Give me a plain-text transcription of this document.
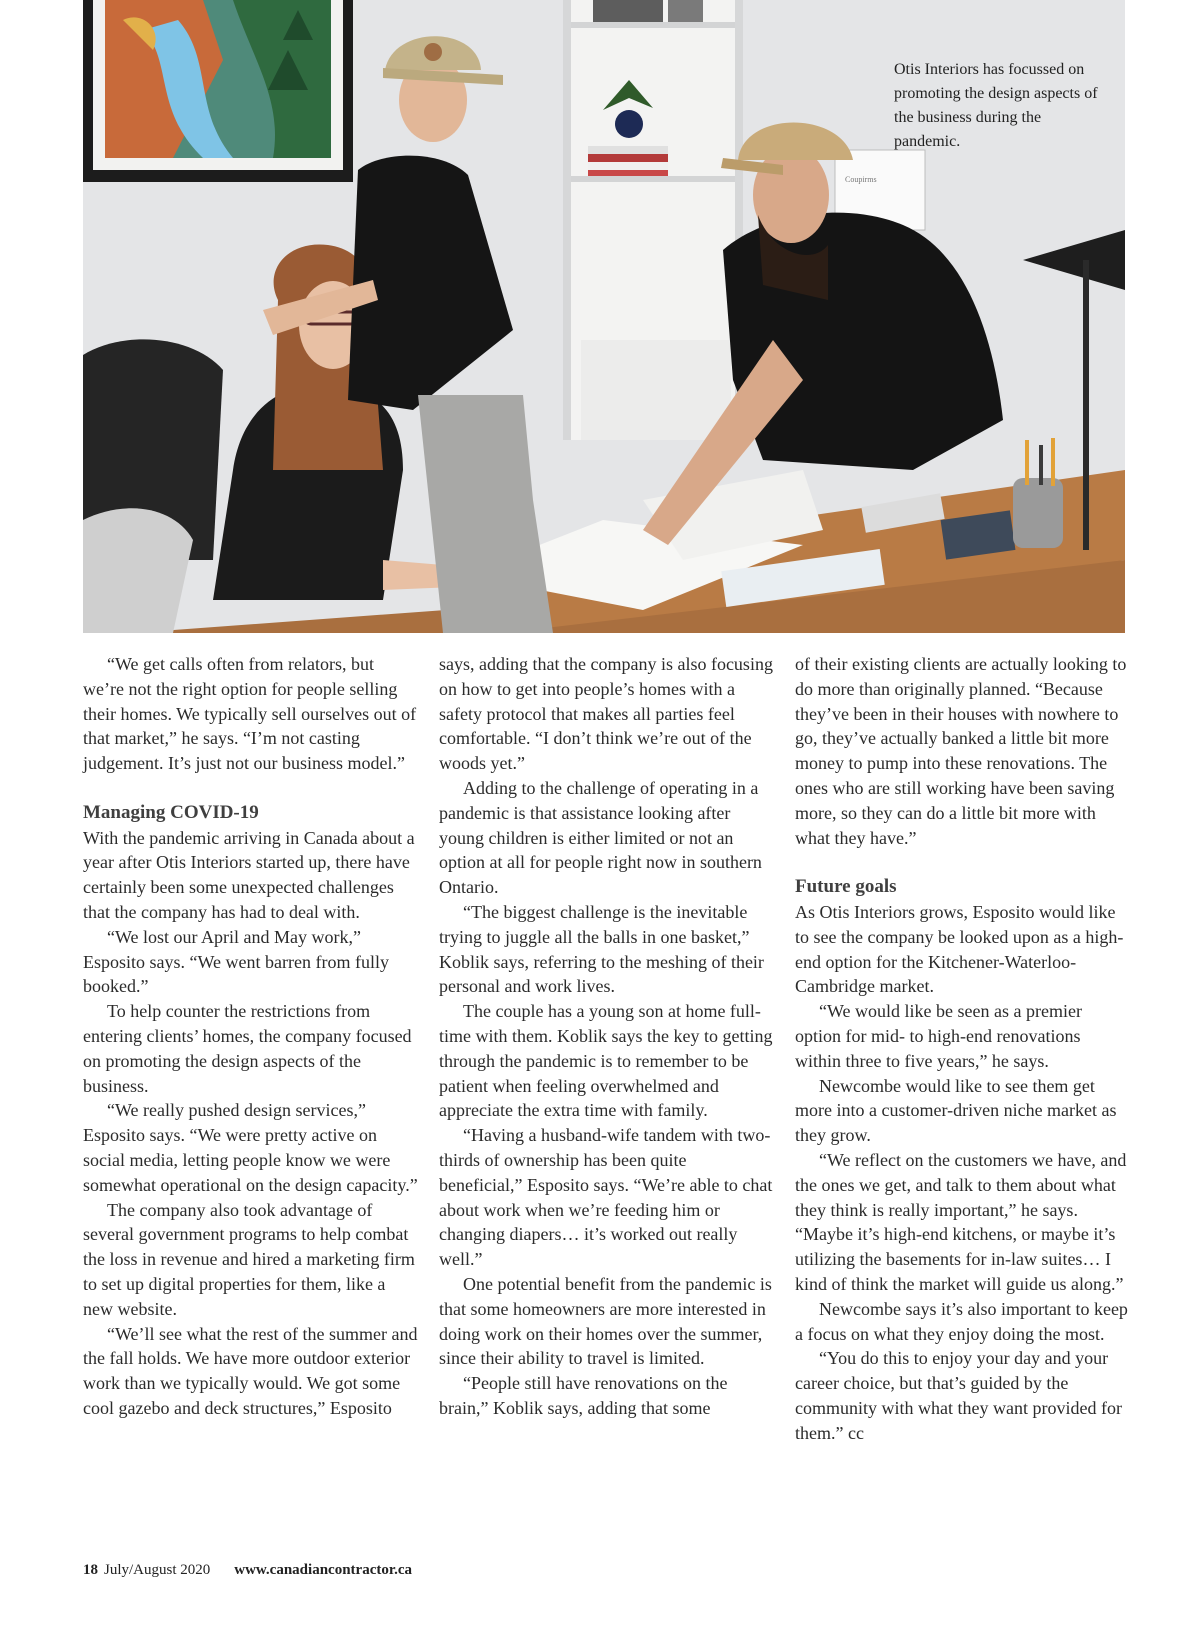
Coupirms
Otis Interiors has focussed on promoting the design aspects of the business during the pandemic.

“We get calls often from relators, but we’re not the right option for people selling their homes. We typically sell ourselves out of that market,” he says. “I’m not casting judgement. It’s just not our business model.”

Managing COVID-19

With the pandemic arriving in Canada about a year after Otis Interiors started up, there have certainly been some unexpected challenges that the company has had to deal with.

“We lost our April and May work,” Esposito says. “We went barren from fully booked.”

To help counter the restrictions from entering clients’ homes, the company focused on promoting the design aspects of the business.

“We really pushed design services,” Esposito says. “We were pretty active on social media, letting people know we were somewhat operational on the design capacity.”

The company also took advantage of several government programs to help combat the loss in revenue and hired a marketing firm to set up digital properties for them, like a new website.

“We’ll see what the rest of the summer and the fall holds. We have more outdoor exterior work than we typically would. We got some cool gazebo and deck structures,” Esposito

says, adding that the company is also focusing on how to get into people’s homes with a safety protocol that makes all parties feel comfortable. “I don’t think we’re out of the woods yet.”

Adding to the challenge of operating in a pandemic is that assistance looking after young children is either limited or not an option at all for people right now in southern Ontario.

“The biggest challenge is the inevitable trying to juggle all the balls in one basket,” Koblik says, referring to the meshing of their personal and work lives.

The couple has a young son at home full-time with them. Koblik says the key to getting through the pandemic is to remember to be patient when feeling overwhelmed and appreciate the extra time with family.

“Having a husband-wife tandem with two-thirds of ownership has been quite beneficial,” Esposito says. “We’re able to chat about work when we’re feeding him or changing diapers… it’s worked out really well.”

One potential benefit from the pandemic is that some homeowners are more interested in doing work on their homes over the summer, since their ability to travel is limited.

“People still have renovations on the brain,” Koblik says, adding that some

of their existing clients are actually looking to do more than originally planned. “Because they’ve been in their houses with nowhere to go, they’ve actually banked a little bit more money to pump into these renovations. The ones who are still working have been saving more, so they can do a little bit more with what they have.”

Future goals

As Otis Interiors grows, Esposito would like to see the company be looked upon as a high-end option for the Kitchener-Waterloo-Cambridge market.

“We would like be seen as a premier option for mid- to high-end renovations within three to five years,” he says.

Newcombe would like to see them get more into a customer-driven niche market as they grow.

“We reflect on the customers we have, and the ones we get, and talk to them about what they think is really important,” he says. “Maybe it’s high-end kitchens, or maybe it’s utilizing the basements for in-law suites… I kind of think the market will guide us along.”

Newcombe says it’s also important to keep a focus on what they enjoy doing the most.

“You do this to enjoy your day and your career choice, but that’s guided by the community with what they want provided for them.” cc

18 July/August 2020 www.canadiancontractor.ca
